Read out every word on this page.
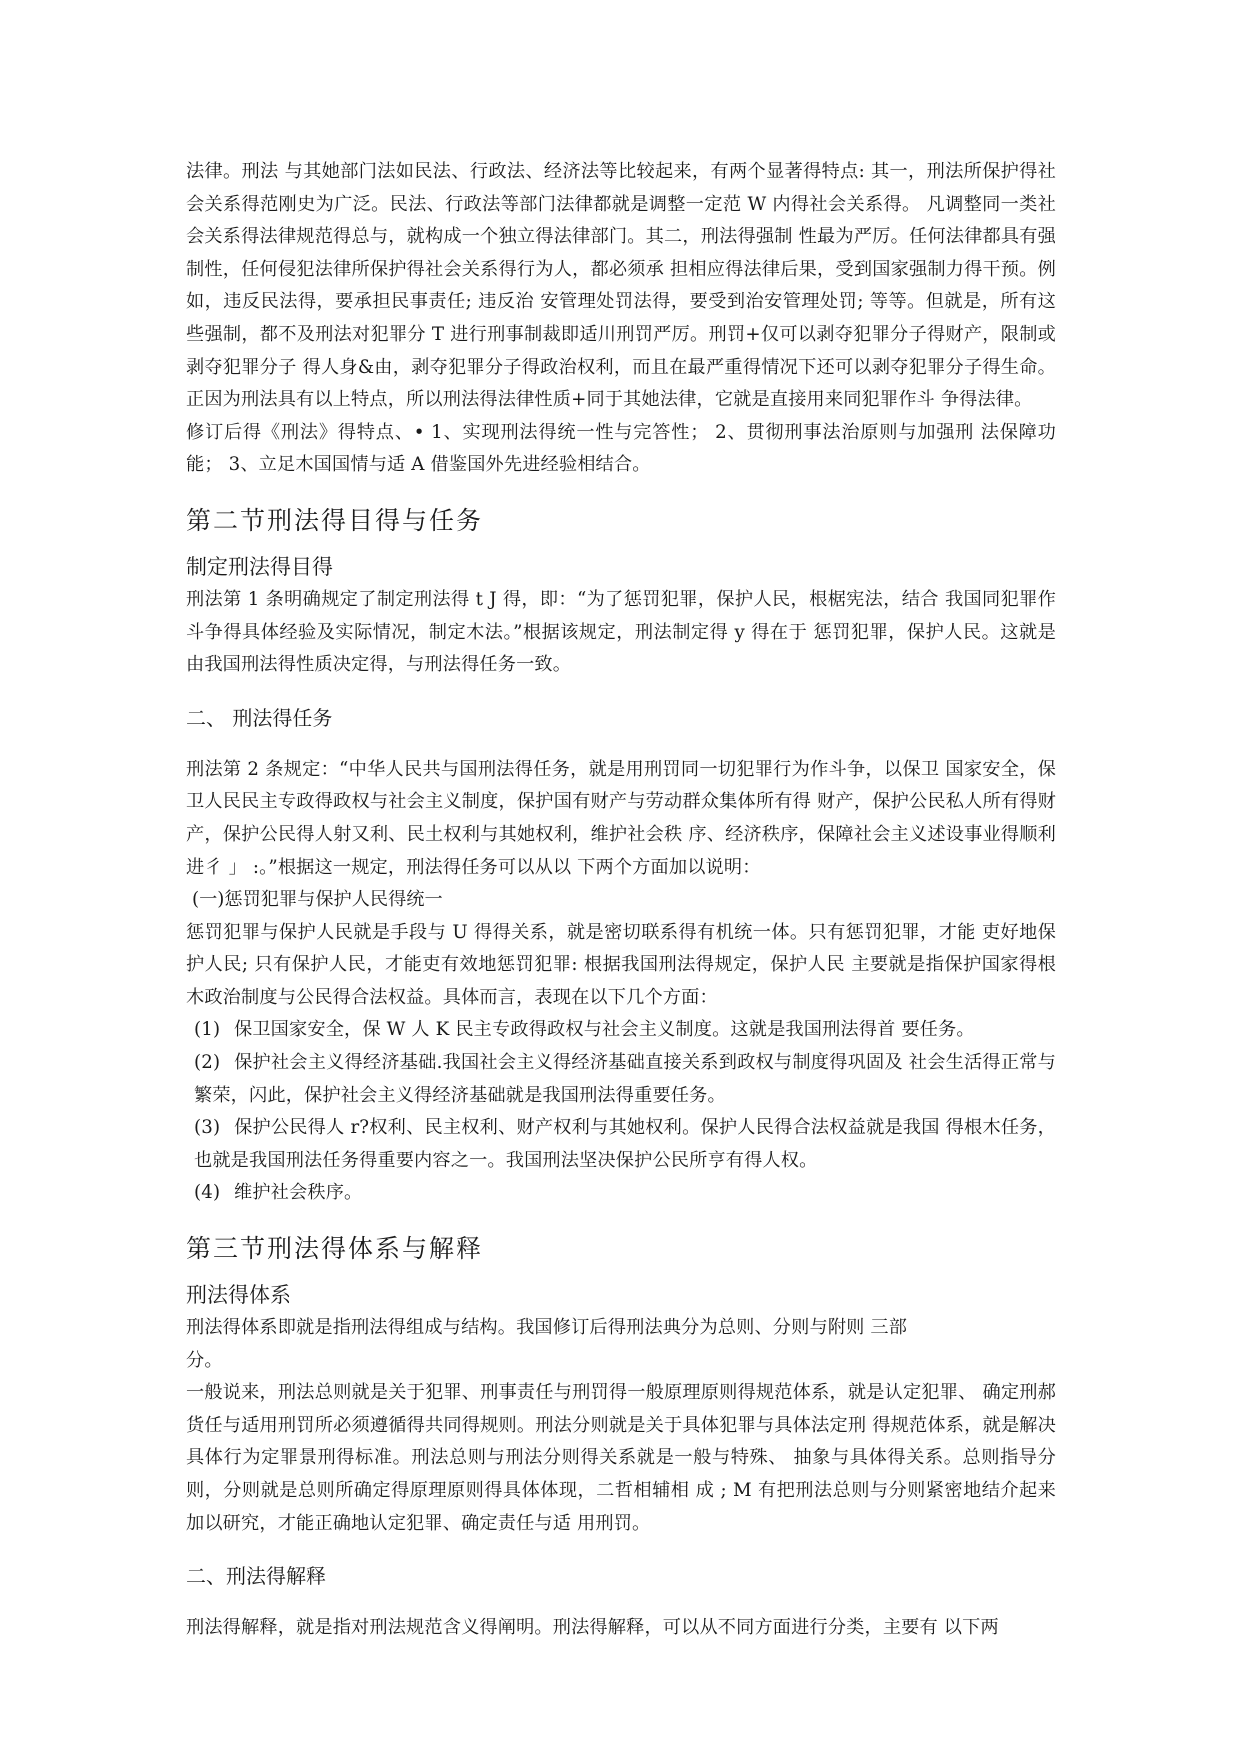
法律。刑法 与其她部门法如民法、行政法、经济法等比较起来，有两个显著得特点: 其一，刑法所保护得社会关系得范刚史为广泛。民法、行政法等部门法律都就是调整一定范 W 内得社会关系得。 凡调整同一类社会关系得法律规范得总与，就构成一个独立得法律部门。其二，刑法得强制 性最为严厉。任何法律都具有强制性，任何侵犯法律所保护得社会关系得行为人，都必须承 担相应得法律后果，受到国家强制力得干预。例如，违反民法得，要承担民事责任; 违反治 安管理处罚法得，要受到治安管理处罚; 等等。但就是，所有这些强制，都不及刑法对犯罪分 T 进行刑事制裁即适川刑罚严厉。刑罚+仅可以剥夺犯罪分子得财产，限制或剥夺犯罪分子 得人身&由，剥夺犯罪分子得政治权利，而且在最严重得情况下还可以剥夺犯罪分子得生命。 正因为刑法具有以上特点，所以刑法得法律性质+同于其她法律，它就是直接用来同犯罪作斗 争得法律。

修订后得《刑法》得特点、• 1、实现刑法得统一性与完答性； 2、贯彻刑事法治原则与加强刑 法保障功能； 3、立足木国国情与适 A 借鉴国外先进经验相结合。

第二节刑法得目得与任务
制定刑法得目得

刑法第 1 条明确规定了制定刑法得 t J 得，即：“为了惩罚犯罪，保护人民，根椐宪法，结合 我国同犯罪作斗争得具体经验及实际情况，制定木法。”根据该规定，刑法制定得 y 得在于 惩罚犯罪，保护人民。这就是由我国刑法得性质决定得，与刑法得任务一致。

二、 刑法得任务

刑法第 2 条规定：“中华人民共与国刑法得任务，就是用刑罚同一切犯罪行为作斗争，以保卫 国家安全，保卫人民民主专政得政权与社会主义制度，保护国有财产与劳动群众集体所有得 财产，保护公民私人所有得财产，保护公民得人射又利、民土权利与其她权利，维护社会秩 序、经济秩序，保障社会主义述设事业得顺利进彳 」 :。”根据这一规定，刑法得任务可以从以 下两个方面加以说明：

(一)惩罚犯罪与保护人民得统一

惩罚犯罪与保护人民就是手段与 U 得得关系，就是密切联系得有机统一体。只有惩罚犯罪，才能 吏好地保护人民; 只有保护人民，才能吏有效地惩罚犯罪: 根据我国刑法得规定，保护人民 主要就是指保护国家得根木政治制度与公民得合法权益。具体而言，表现在以下几个方面：

(1) 保卫国家安全，保 W 人 K 民主专政得政权与社会主义制度。这就是我国刑法得首 要任务。

(2) 保护社会主义得经济基础.我国社会主义得经济基础直接关系到政权与制度得巩固及 社会生活得正常与繁荣，闪此，保护社会主义得经济基础就是我国刑法得重要任务。

(3) 保护公民得人 r?权利、民主权利、财产权利与其她权利。保护人民得合法权益就是我国 得根木任务，也就是我国刑法任务得重要内容之一。我国刑法坚决保护公民所亨有得人权。

(4) 维护社会秩序。

第三节刑法得体系与解释
刑法得体系

刑法得体系即就是指刑法得组成与结构。我国修订后得刑法典分为总则、分则与附则 三部

分。

一般说来，刑法总则就是关于犯罪、刑事责任与刑罚得一般原理原则得规范体系，就是认定犯罪、 确定刑郝货任与适用刑罚所必须遵循得共同得规则。刑法分则就是关于具体犯罪与具体法定刑 得规范体系，就是解决具体行为定罪景刑得标准。刑法总则与刑法分则得关系就是一般与特殊、 抽象与具体得关系。总则指导分则，分则就是总则所确定得原理原则得具体体现，二哲相辅相 成 ; M 有把刑法总则与分则紧密地结介起来加以研究，才能正确地认定犯罪、确定责任与适 用刑罚。

二、刑法得解释

刑法得解释，就是指对刑法规范含义得阐明。刑法得解释，可以从不同方面进行分类，主要有 以下两
